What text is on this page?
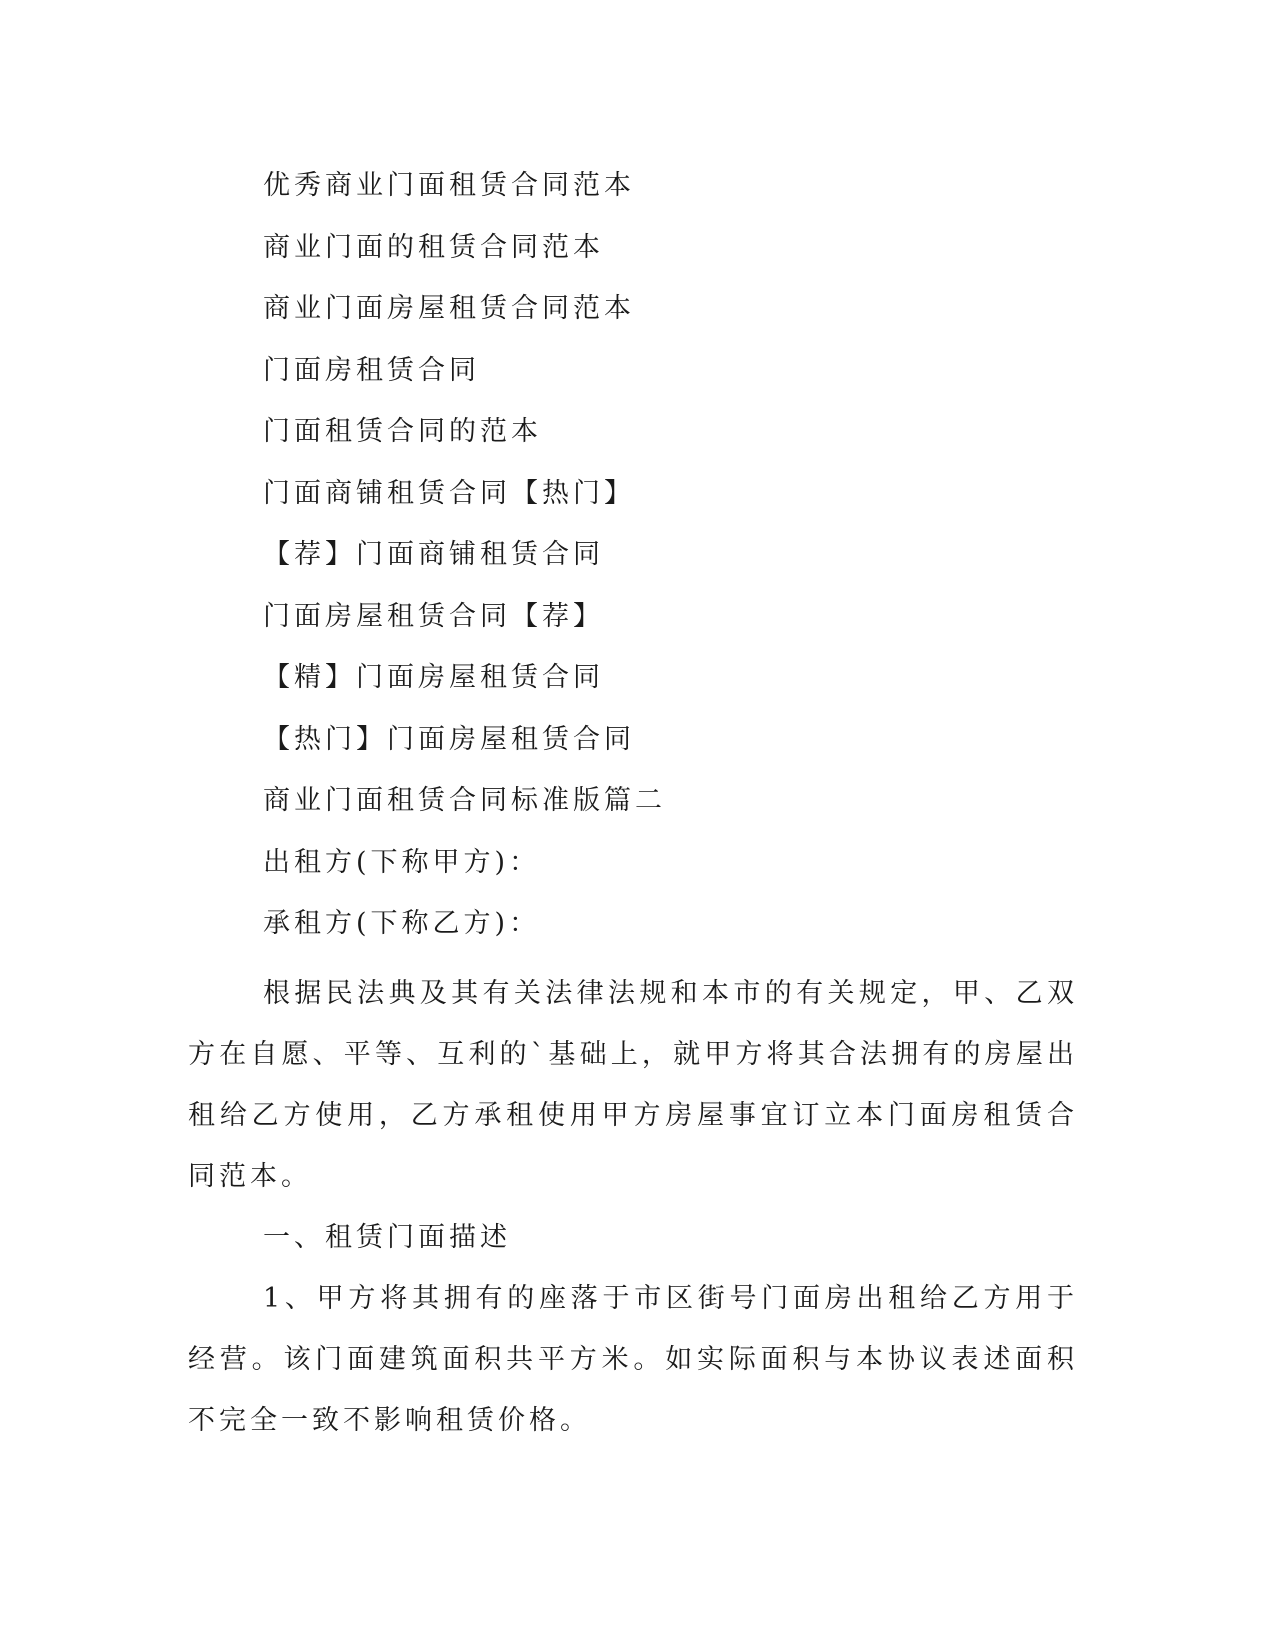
优秀商业门面租赁合同范本
商业门面的租赁合同范本
商业门面房屋租赁合同范本
门面房租赁合同
门面租赁合同的范本
门面商铺租赁合同【热门】
【荐】门面商铺租赁合同
门面房屋租赁合同【荐】
【精】门面房屋租赁合同
【热门】门面房屋租赁合同
商业门面租赁合同标准版篇二
出租方(下称甲方)：
承租方(下称乙方)：

根据民法典及其有关法律法规和本市的有关规定，甲、乙双方在自愿、平等、互利的`基础上，就甲方将其合法拥有的房屋出租给乙方使用，乙方承租使用甲方房屋事宜订立本门面房租赁合同范本。

一、租赁门面描述

1、甲方将其拥有的座落于市区街号门面房出租给乙方用于经营。该门面建筑面积共平方米。如实际面积与本协议表述面积不完全一致不影响租赁价格。
